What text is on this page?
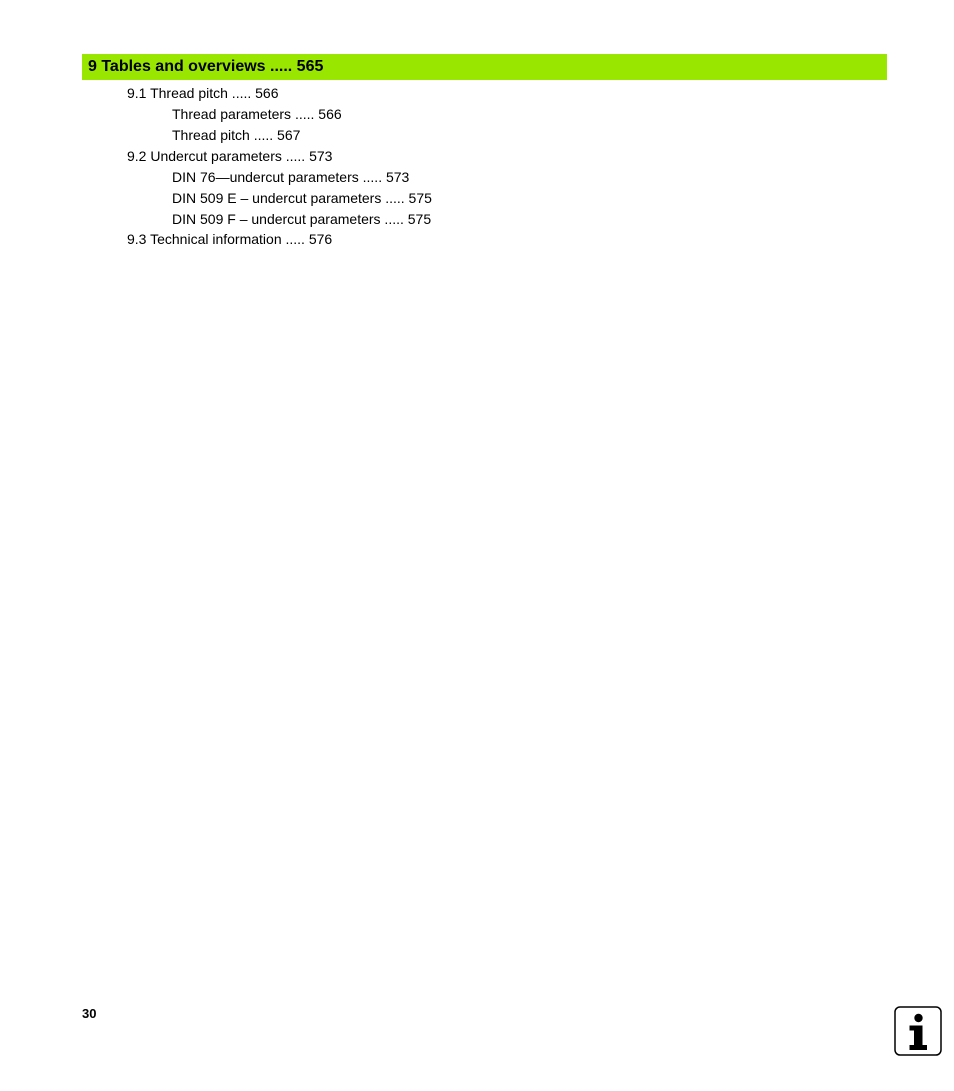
9 Tables and overviews ..... 565
9.1 Thread pitch ..... 566
Thread parameters ..... 566
Thread pitch ..... 567
9.2 Undercut parameters ..... 573
DIN 76—undercut parameters ..... 573
DIN 509 E – undercut parameters ..... 575
DIN 509 F – undercut parameters ..... 575
9.3 Technical information ..... 576
30
